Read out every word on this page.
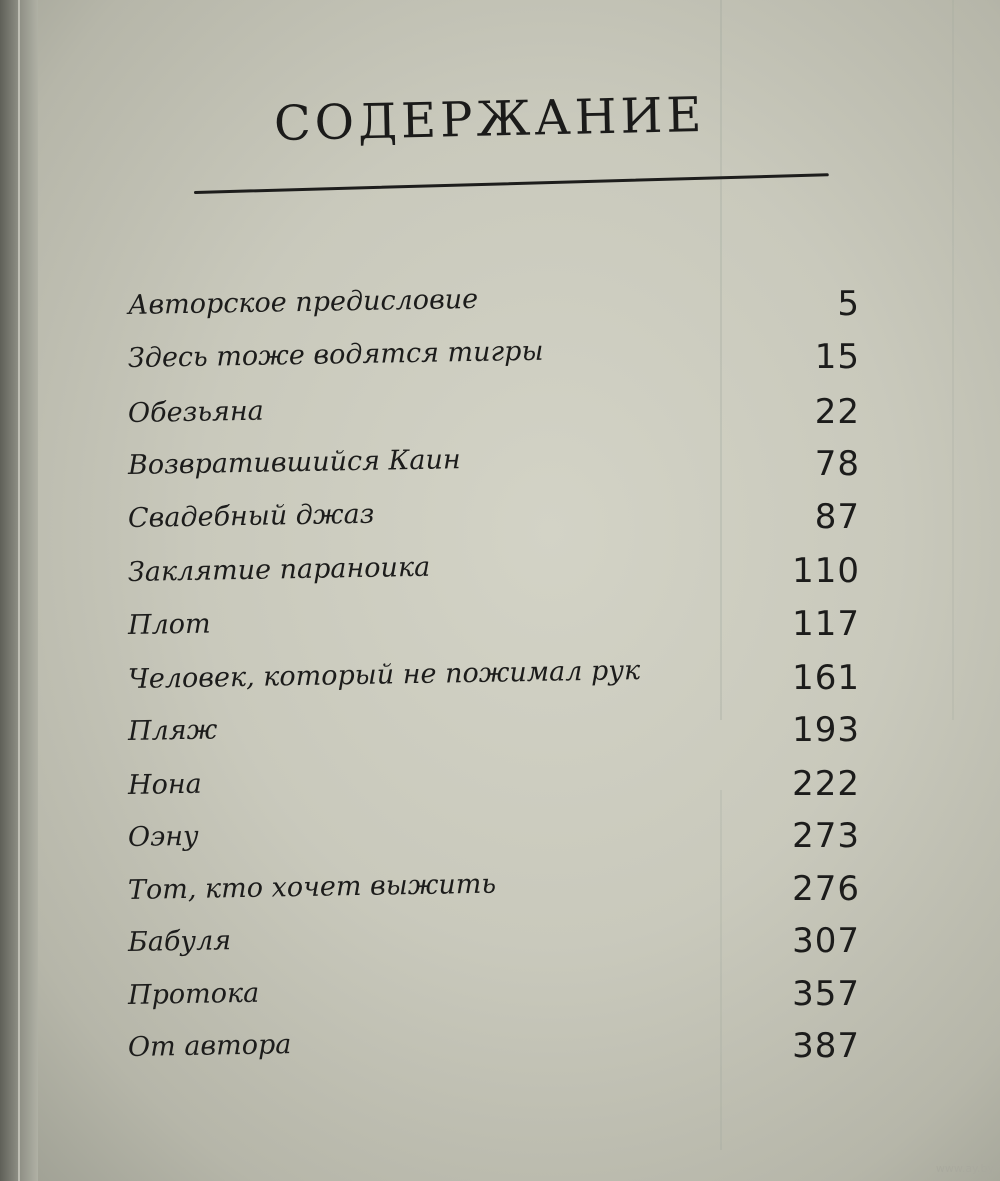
СОДЕРЖАНИЕ
Авторское предисловие	5
Здесь тоже водятся тигры	15
Обезьяна	22
Возвратившийся Каин	78
Свадебный джаз	87
Заклятие параноика	110
Плот	117
Человек, который не пожимал рук	161
Пляж	193
Нона	222
Оэну	273
Тот, кто хочет выжить	276
Бабуля	307
Протока	357
От автора	387
www.ay.by
